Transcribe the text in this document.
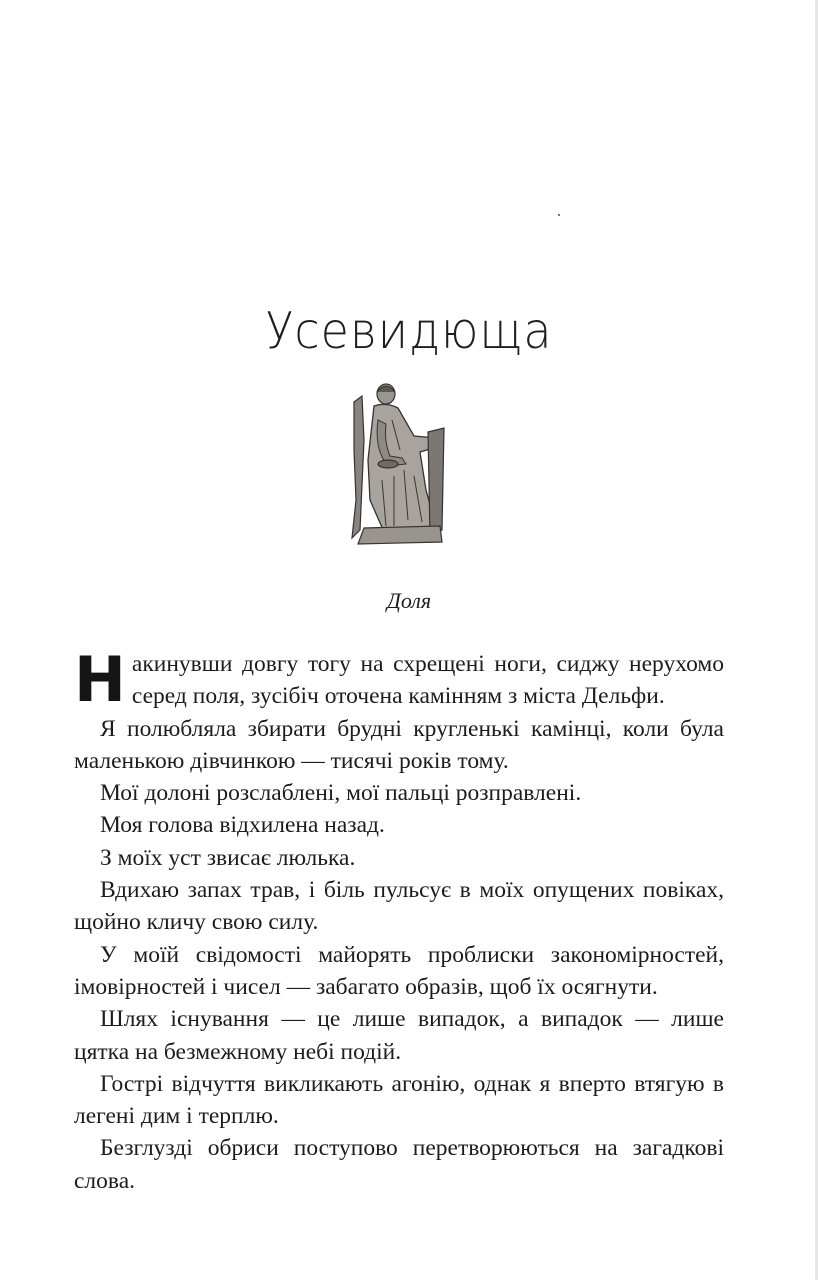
Усевидюща
Доля

Накинувши довгу тогу на схрещені ноги, сиджу нерухомо серед поля, зусібіч оточена камінням з міста Дельфи.

Я полюбляла збирати брудні кругленькі камінці, коли була маленькою дівчинкою — тисячі років тому.

Мої долоні розслаблені, мої пальці розправлені.

Моя голова відхилена назад.

З моїх уст звисає люлька.

Вдихаю запах трав, і біль пульсує в моїх опущених повіках, щойно кличу свою силу.

У моїй свідомості майорять проблиски закономірностей, імовірностей і чисел — забагато образів, щоб їх осягнути.

Шлях існування — це лише випадок, а випадок — лише цятка на безмежному небі подій.

Гострі відчуття викликають агонію, однак я вперто втягую в легені дим і терплю.

Безглузді обриси поступово перетворюються на загадкові слова.
